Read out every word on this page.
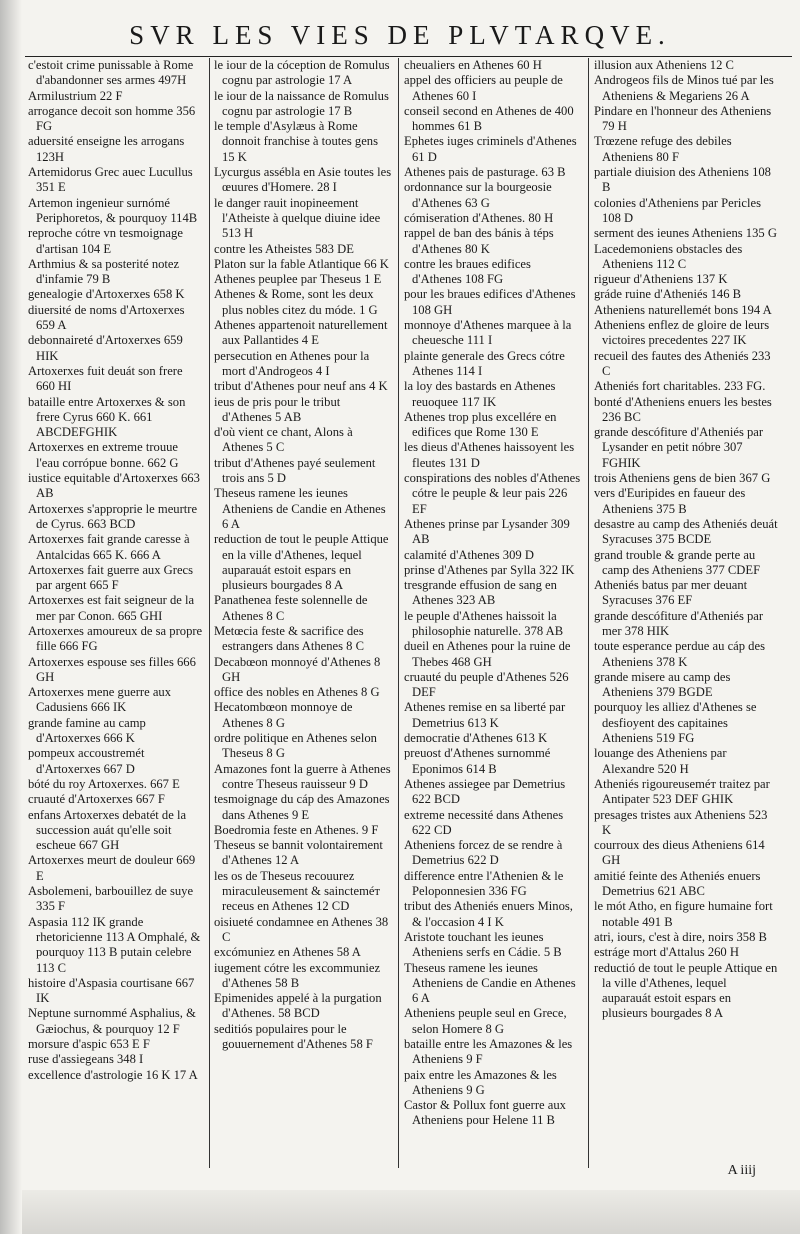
SVR LES VIES DE PLVTARQVE.
c'estoit crime punissable à Rome d'abandonner ses armes 497H
Armilustrium 22 F
arrogance decoit son homme 356 FG
aduersité enseigne les arrogans 123H
Artemidorus Grec auec Lucullus 351 E
Artemon ingenieur surnómé Periphoretos, & pourquoy 114B
reproche cótre vn tesmoignage d'artisan 104 E
Arthmius & sa posterité notez d'infamie 79 B
genealogie d'Artoxerxes 658 K
diuersité de noms d'Artoxerxes 659 A
debonnaireté d'Artoxerxes 659 HIK
Artoxerxes fuit deuát son frere 660 HI
bataille entre Artoxerxes & son frere Cyrus 660 K. 661 ABCDEFGHIK
Artoxerxes en extreme trouue l'eau corrópue bonne. 662 G
iustice equitable d'Artoxerxes 663 AB
Artoxerxes s'approprie le meurtre de Cyrus. 663 BCD
Artoxerxes fait grande caresse à Antalcidas 665 K. 666 A
Artoxerxes fait guerre aux Grecs par argent 665 F
Artoxerxes est fait seigneur de la mer par Conon. 665 GHI
Artoxerxes amoureux de sa propre fille 666 FG
Artoxerxes espouse ses filles 666 GH
Artoxerxes mene guerre aux Cadusiens 666 IK
grande famine au camp d'Artoxerxes 666 K
pompeux accoustremét d'Artoxerxes 667 D
bóté du roy Artoxerxes. 667 E
cruauté d'Artoxerxes 667 F
enfans Artoxerxes debatét de la succession auát qu'elle soit escheue 667 GH
Artoxerxes meurt de douleur 669 E
Asbolemeni, barbouillez de suye 335 F
Aspasia 112 IK grande rhetoricienne 113 A Omphalé, & pourquoy 113 B putain celebre 113 C
histoire d'Aspasia courtisane 667 IK
Neptune surnommé Asphalius, & Gæiochus, & pourquoy 12 F
morsure d'aspic 653 E F
ruse d'assiegeans 348 I
excellence d'astrologie 16 K 17 A
le iour de la cóception de Romulus cognu par astrologie 17 A
le iour de la naissance de Romulus cognu par astrologie 17 B
le temple d'Asylæus à Rome donnoit franchise à toutes gens 15 K
Lycurgus assébla en Asie toutes les œuures d'Homere. 28 I
le danger rauit inopineement l'Atheiste à quelque diuine idee 513 H
contre les Atheistes 583 DE
Platon sur la fable Atlantique 66 K
Athenes peuplee par Theseus 1 E
Athenes & Rome, sont les deux plus nobles citez du móde. 1 G
Athenes appartenoit naturellement aux Pallantides 4 E
persecution en Athenes pour la mort d'Androgeos 4 I
tribut d'Athenes pour neuf ans 4 K
ieus de pris pour le tribut d'Athenes 5 AB
d'où vient ce chant, Alons à Athenes 5 C
tribut d'Athenes payé seulement trois ans 5 D
Theseus ramene les ieunes Atheniens de Candie en Athenes 6 A
reduction de tout le peuple Attique en la ville d'Athenes, lequel auparauát estoit espars en plusieurs bourgades 8 A
Panathenea feste solennelle de Athenes 8 C
Metœcia feste & sacrifice des estrangers dans Athenes 8 C
Decabœon monnoyé d'Athenes 8 GH
office des nobles en Athenes 8 G
Hecatombœon monnoye de Athenes 8 G
ordre politique en Athenes selon Theseus 8 G
Amazones font la guerre à Athenes contre Theseus rauisseur 9 D
tesmoignage du cáp des Amazones dans Athenes 9 E
Boedromia feste en Athenes. 9 F
Theseus se bannit volontairement d'Athenes 12 A
les os de Theseus recouurez miraculeusement & saincteméт receus en Athenes 12 CD
oisiueté condamnee en Athenes 38 C
excómuniez en Athenes 58 A
iugement cótre les excommuniez d'Athenes 58 B
Epimenides appelé à la purgation d'Athenes. 58 BCD
seditiós populaires pour le gouuernement d'Athenes 58 F
cheualiers en Athenes 60 H
appel des officiers au peuple de Athenes 60 I
conseil second en Athenes de 400 hommes 61 B
Ephetes iuges criminels d'Athenes 61 D
Athenes pais de pasturage. 63 B
ordonnance sur la bourgeosie d'Athenes 63 G
cómiseration d'Athenes. 80 H
rappel de ban des bánis à téps d'Athenes 80 K
contre les braues edifices d'Athenes 108 FG
pour les braues edifices d'Athenes 108 GH
monnoye d'Athenes marquee à la cheuesche 111 I
plainte generale des Grecs cótre Athenes 114 I
la loy des bastards en Athenes reuoquee 117 IK
Athenes trop plus excellére en edifices que Rome 130 E
les dieus d'Athenes haissoyent les fleutes 131 D
conspirations des nobles d'Athenes cótre le peuple & leur pais 226 EF
Athenes prinse par Lysander 309 AB
calamité d'Athenes 309 D
prinse d'Athenes par Sylla 322 IK
tresgrande effusion de sang en Athenes 323 AB
le peuple d'Athenes haissoit la philosophie naturelle. 378 AB
dueil en Athenes pour la ruine de Thebes 468 GH
cruauté du peuple d'Athenes 526 DEF
Athenes remise en sa liberté par Demetrius 613 K
democratie d'Athenes 613 K
preuost d'Athenes surnommé Eponimos 614 B
Athenes assiegee par Demetrius 622 BCD
extreme necessité dans Athenes 622 CD
Atheniens forcez de se rendre à Demetrius 622 D
difference entre l'Athenien & le Peloponnesien 336 FG
tribut des Atheniés enuers Minos, & l'occasion 4 I K
Aristote touchant les ieunes Atheniens serfs en Cádie. 5 B
Theseus ramene les ieunes Atheniens de Candie en Athenes 6 A
Atheniens peuple seul en Grece, selon Homere 8 G
bataille entre les Amazones & les Atheniens 9 F
paix entre les Amazones & les Atheniens 9 G
Castor & Pollux font guerre aux Atheniens pour Helene 11 B
illusion aux Atheniens 12 C
Androgeos fils de Minos tué par les Atheniens & Megariens 26 A
Pindare en l'honneur des Atheniens 79 H
Trœzene refuge des debiles Atheniens 80 F
partiale diuision des Atheniens 108 B
colonies d'Atheniens par Pericles 108 D
serment des ieunes Atheniens 135 G
Lacedemoniens obstacles des Atheniens 112 C
rigueur d'Atheniens 137 K
gráde ruine d'Atheniés 146 B
Atheniens naturellemét bons 194 A
Atheniens enflez de gloire de leurs victoires precedentes 227 IK
recueil des fautes des Atheniés 233 C
Atheniés fort charitables. 233 FG.
bonté d'Atheniens enuers les bestes 236 BC
grande descófiture d'Atheniés par Lysander en petit nóbre 307 FGHIK
trois Atheniens gens de bien 367 G
vers d'Euripides en faueur des Atheniens 375 B
desastre au camp des Atheniés deuát Syracuses 375 BCDE
grand trouble & grande perte au camp des Atheniens 377 CDEF
Atheniés batus par mer deuant Syracuses 376 EF
grande descófiture d'Atheniés par mer 378 HIK
toute esperance perdue au cáp des Atheniens 378 K
grande misere au camp des Atheniens 379 BGDE
pourquoy les alliez d'Athenes se desfioyent des capitaines Atheniens 519 FG
louange des Atheniens par Alexandre 520 H
Atheniés rigoureuseméт traitez par Antipater 523 DEF GHIK
presages tristes aux Atheniens 523 K
courroux des dieus Atheniens 614 GH
amitié feinte des Atheniés enuers Demetrius 621 ABC
le mót Atho, en figure humaine fort notable 491 B
atri, iours, c'est à dire, noirs 358 B
estráge mort d'Attalus 260 H
reductió de tout le peuple Attique en la ville d'Athenes, lequel auparauát estoit espars en plusieurs bourgades 8 A
A iiij
